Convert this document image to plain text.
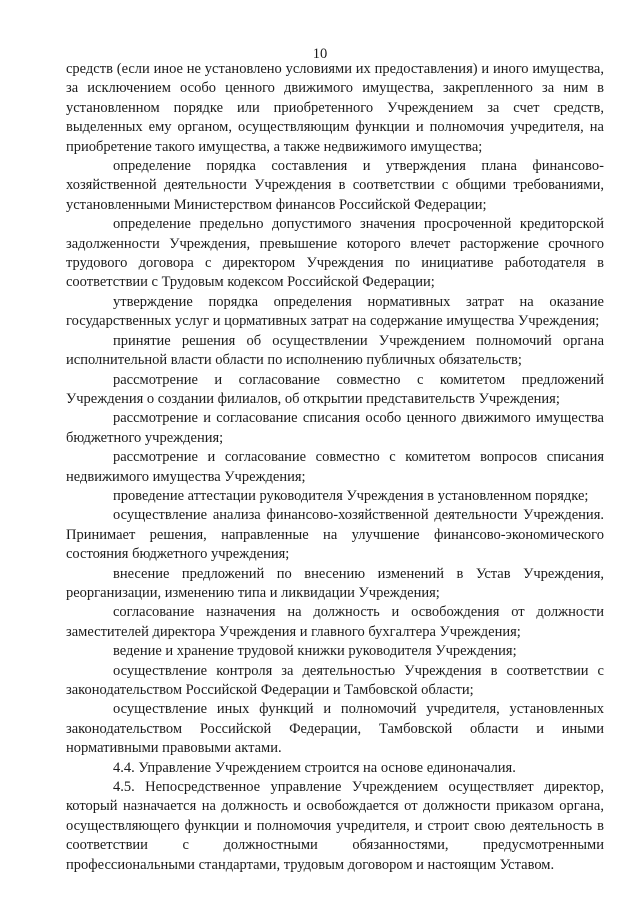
10

средств (если иное не установлено условиями их предоставления) и иного имущества, за исключением особо ценного движимого имущества, закрепленного за ним в установленном порядке или приобретенного Учреждением за счет средств, выделенных ему органом, осуществляющим функции и полномочия учредителя, на приобретение такого имущества, а также недвижимого имущества;

определение порядка составления и утверждения плана финансово-хозяйственной деятельности Учреждения в соответствии с общими требованиями, установленными Министерством финансов Российской Федерации;

определение предельно допустимого значения просроченной кредиторской задолженности Учреждения, превышение которого влечет расторжение срочного трудового договора с директором Учреждения по инициативе работодателя в соответствии с Трудовым кодексом Российской Федерации;

утверждение порядка определения нормативных затрат на оказание государственных услуг и цормативных затрат на содержание имущества Учреждения;

принятие решения об осуществлении Учреждением полномочий органа исполнительной власти области по исполнению публичных обязательств;

рассмотрение и согласование совместно с комитетом предложений Учреждения о создании филиалов, об открытии представительств Учреждения;

рассмотрение и согласование списания особо ценного движимого имущества бюджетного учреждения;

рассмотрение и согласование совместно с комитетом вопросов списания недвижимого имущества Учреждения;

проведение аттестации руководителя Учреждения в установленном порядке;

осуществление анализа финансово-хозяйственной деятельности Учреждения. Принимает решения, направленные на улучшение финансово-экономического состояния бюджетного учреждения;

внесение предложений по внесению изменений в Устав Учреждения, реорганизации, изменению типа и ликвидации Учреждения;

согласование назначения на должность и освобождения от должности заместителей директора Учреждения и главного бухгалтера Учреждения;

ведение и хранение трудовой книжки руководителя Учреждения;

осуществление контроля за деятельностью Учреждения в соответствии с законодательством Российской Федерации и Тамбовской области;

осуществление иных функций и полномочий учредителя, установленных законодательством Российской Федерации, Тамбовской области и иными нормативными правовыми актами.

4.4. Управление Учреждением строится на основе единоначалия.

4.5. Непосредственное управление Учреждением осуществляет директор, который назначается на должность и освобождается от должности приказом органа, осуществляющего функции и полномочия учредителя, и строит свою деятельность в соответствии с должностными обязанностями, предусмотренными профессиональными стандартами, трудовым договором и настоящим Уставом.
